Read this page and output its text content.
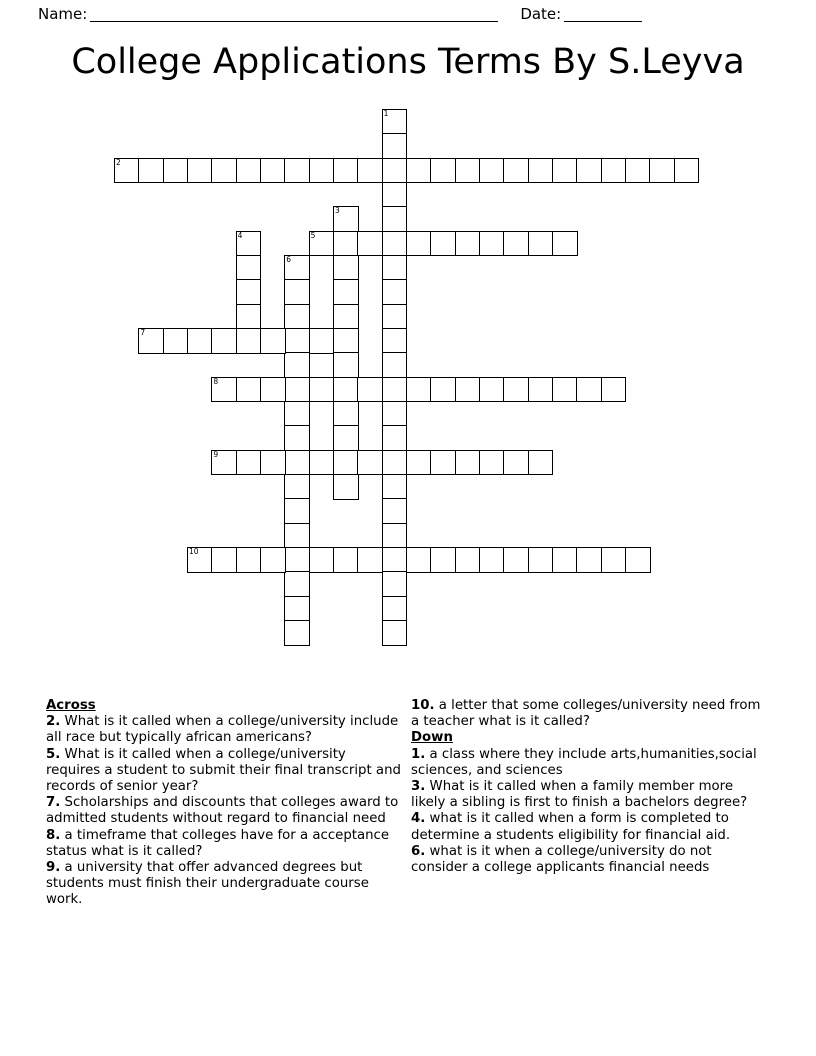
Name:	Date:
College Applications Terms By S.Leyva
1
2
3
4	5
6
7
8
9
10
Across
2. What is it called when a college/university include all race but typically african americans?
5. What is it called when a college/university requires a student to submit their final transcript and records of senior year?
7. Scholarships and discounts that colleges award to admitted students without regard to financial need
8. a timeframe that colleges have for a acceptance status what is it called?
9. a university that offer advanced degrees but students must finish their undergraduate course work.
10. a letter that some colleges/university need from a teacher what is it called?
Down
1. a class where they include arts,humanities,social sciences, and sciences
3. What is it called when a family member more likely a sibling is first to finish a bachelors degree?
4. what is it called when a form is completed to determine a students eligibility for financial aid.
6. what is it when a college/university do not consider a college applicants financial needs
